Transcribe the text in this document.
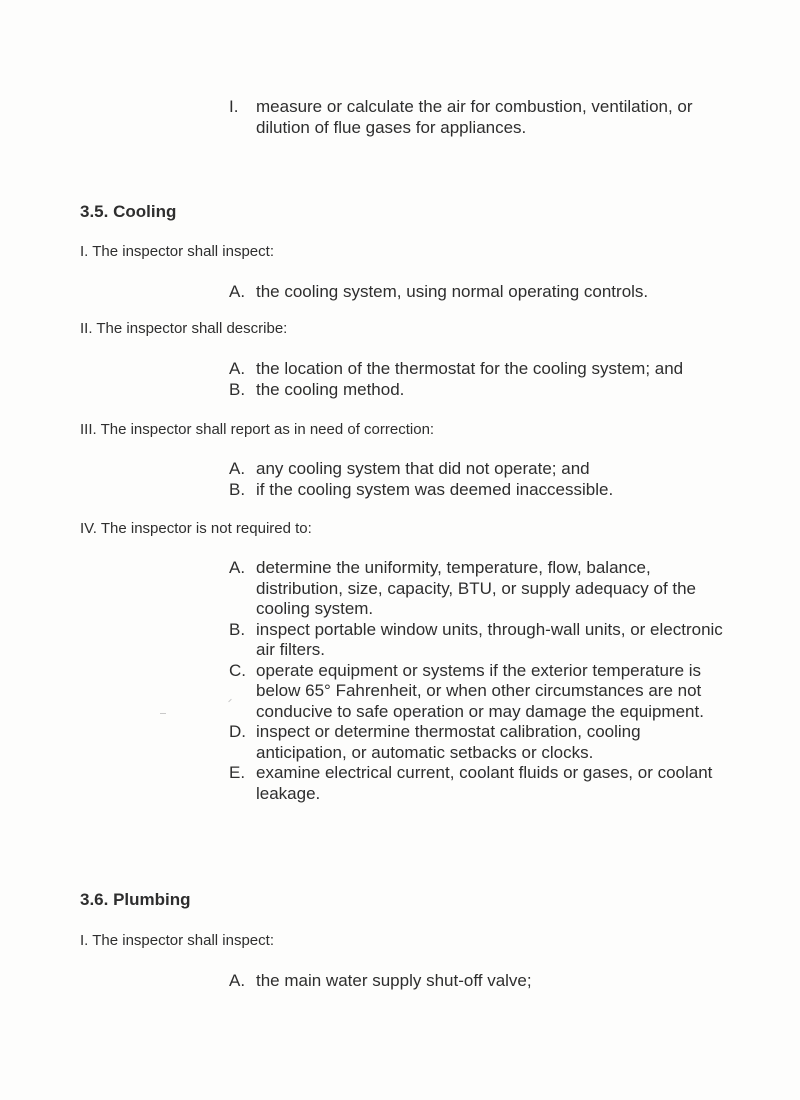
I.	measure or calculate the air for combustion, ventilation, or dilution of flue gases for appliances.
3.5. Cooling

I. The inspector shall inspect:

A. the cooling system, using normal operating controls.

II. The inspector shall describe:

A. the location of the thermostat for the cooling system; and
B. the cooling method.

III. The inspector shall report as in need of correction:

A. any cooling system that did not operate; and
B. if the cooling system was deemed inaccessible.

IV. The inspector is not required to:

A. determine the uniformity, temperature, flow, balance, distribution, size, capacity, BTU, or supply adequacy of the cooling system.
B. inspect portable window units, through-wall units, or electronic air filters.
C. operate equipment or systems if the exterior temperature is below 65° Fahrenheit, or when other circumstances are not conducive to safe operation or may damage the equipment.
D. inspect or determine thermostat calibration, cooling anticipation, or automatic setbacks or clocks.
E. examine electrical current, coolant fluids or gases, or coolant leakage.
3.6. Plumbing

I. The inspector shall inspect:

A. the main water supply shut-off valve;
